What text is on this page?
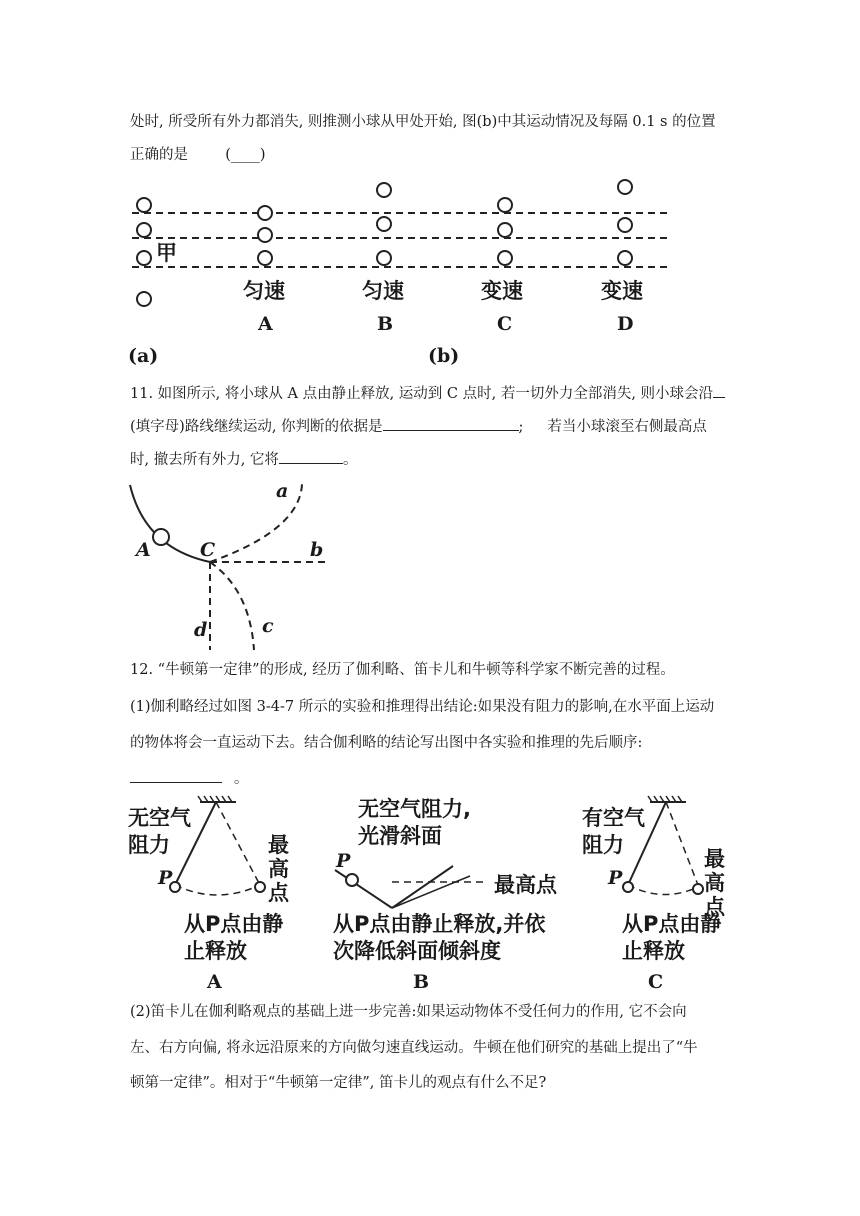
处时, 所受所有外力都消失, 则推测小球从甲处开始, 图(b)中其运动情况及每隔 0.1 s 的位置
正确的是	(____)
甲
匀速	匀速	变速	变速
A	B	C	D
(a)	(b)
11. 如图所示, 将小球从 A 点由静止释放, 运动到 C 点时, 若一切外力全部消失, 则小球会沿
(填字母)路线继续运动, 你判断的依据是	; 若当小球滚至右侧最高点
时, 撤去所有外力, 它将	。
A	C
a
b
c
d
12. “牛顿第一定律”的形成, 经历了伽利略、笛卡儿和牛顿等科学家不断完善的过程。
(1)伽利略经过如图 3-4-7 所示的实验和推理得出结论:如果没有阻力的影响,在水平面上运动
的物体将会一直运动下去。结合伽利略的结论写出图中各实验和推理的先后顺序:
。
无空气
阻力	最
高
点
P
从P点由静
止释放
A
无空气阻力,
光滑斜面
P
最高点
从P点由静止释放,并依
次降低斜面倾斜度
B
有空气
阻力
最
高
点
P
从P点由静
止释放
C
(2)笛卡儿在伽利略观点的基础上进一步完善:如果运动物体不受任何力的作用, 它不会向
左、右方向偏, 将永远沿原来的方向做匀速直线运动。牛顿在他们研究的基础上提出了“牛
顿第一定律”。相对于“牛顿第一定律”, 笛卡儿的观点有什么不足?
